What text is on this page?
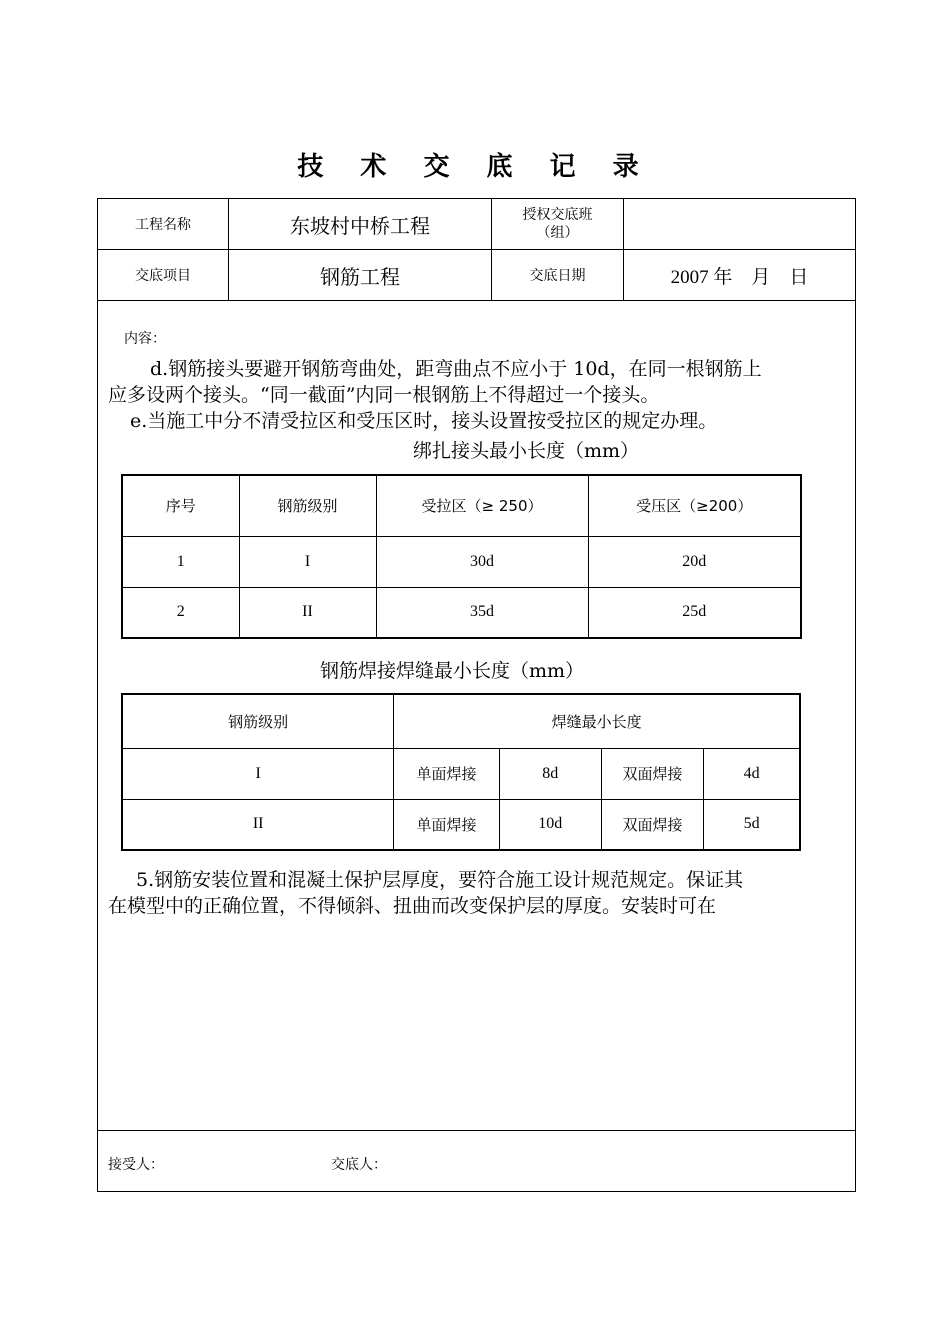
技 术 交 底 记 录
工程名称	东坡村中桥工程	授权交底班
（组）
交底项目	钢筋工程	交底日期	2007 年    月    日
接受人：	交底人：
内容：
d.钢筋接头要避开钢筋弯曲处，距弯曲点不应小于 10d，在同一根钢筋上
应多设两个接头。“同一截面”内同一根钢筋上不得超过一个接头。
e.当施工中分不清受拉区和受压区时，接头设置按受拉区的规定办理。
绑扎接头最小长度（mm）
序号	钢筋级别	受拉区（≥ 250）	受压区（≥200）
1	I	30d	20d
2	II	35d	25d
钢筋焊接焊缝最小长度（mm）
钢筋级别	焊缝最小长度			
I	单面焊接	8d	双面焊接	4d
II	单面焊接	10d	双面焊接	5d
5.钢筋安装位置和混凝土保护层厚度，要符合施工设计规范规定。保证其
在模型中的正确位置，不得倾斜、扭曲而改变保护层的厚度。安装时可在
